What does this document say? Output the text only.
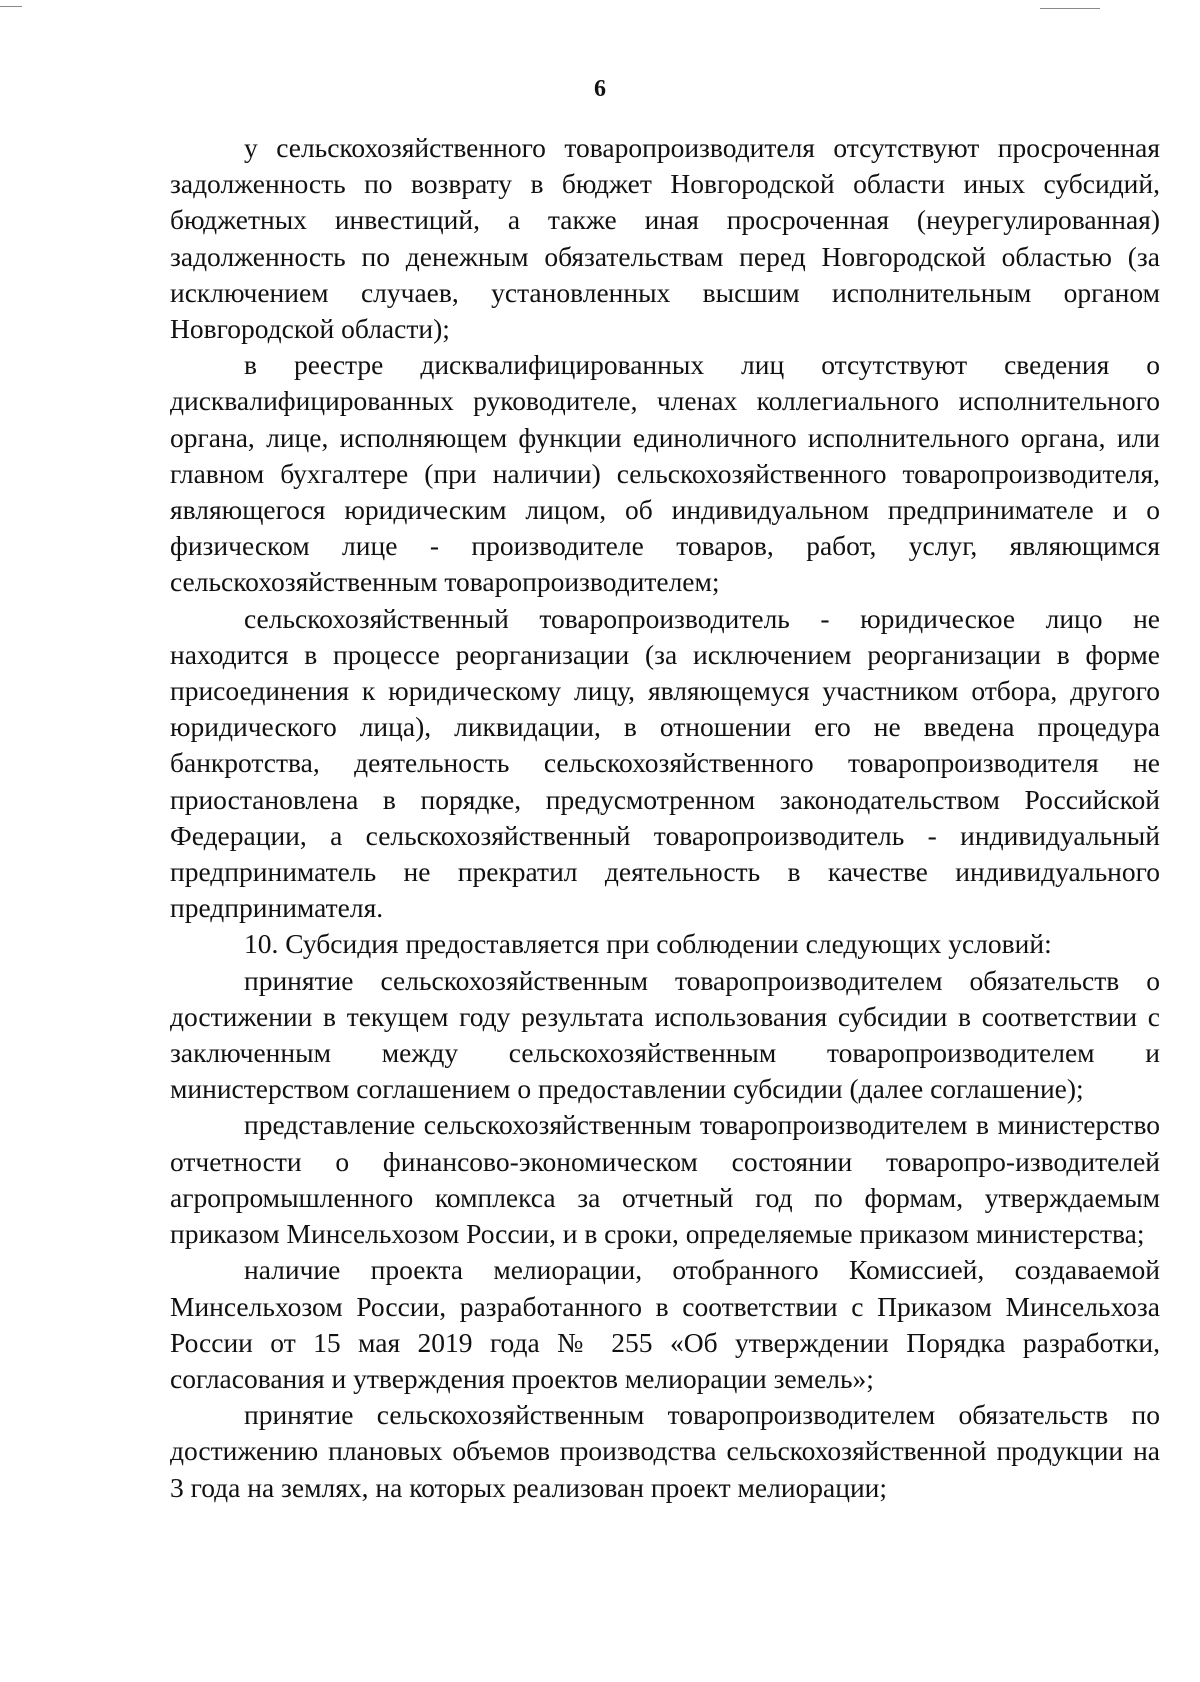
6

у сельскохозяйственного товаропроизводителя отсутствуют просроченная задолженность по возврату в бюджет Новгородской области иных субсидий, бюджетных инвестиций, а также иная просроченная (неурегулированная) задолженность по денежным обязательствам перед Новгородской областью (за исключением случаев, установленных высшим исполнительным органом Новгородской области);

в реестре дисквалифицированных лиц отсутствуют сведения о дисквалифицированных руководителе, членах коллегиального исполнительного органа, лице, исполняющем функции единоличного исполнительного органа, или главном бухгалтере (при наличии) сельскохозяйственного товаропроизводителя, являющегося юридическим лицом, об индивидуальном предпринимателе и о физическом лице - производителе товаров, работ, услуг, являющимся сельскохозяйственным товаропроизводителем;

сельскохозяйственный товаропроизводитель - юридическое лицо не находится в процессе реорганизации (за исключением реорганизации в форме присоединения к юридическому лицу, являющемуся участником отбора, другого юридического лица), ликвидации, в отношении его не введена процедура банкротства, деятельность сельскохозяйственного товаропроизводителя не приостановлена в порядке, предусмотренном законодательством Российской Федерации, а сельскохозяйственный товаропроизводитель - индивидуальный предприниматель не прекратил деятельность в качестве индивидуального предпринимателя.

10. Субсидия предоставляется при соблюдении следующих условий:

принятие сельскохозяйственным товаропроизводителем обязательств о достижении в текущем году результата использования субсидии в соответствии с заключенным между сельскохозяйственным товаропроизводителем и министерством соглашением о предоставлении субсидии (далее соглашение);

представление сельскохозяйственным товаропроизводителем в министерство отчетности о финансово-экономическом состоянии товаропро-изводителей агропромышленного комплекса за отчетный год по формам, утверждаемым приказом Минсельхозом России, и в сроки, определяемые приказом министерства;

наличие проекта мелиорации, отобранного Комиссией, создаваемой Минсельхозом России, разработанного в соответствии с Приказом Минсельхоза России от 15 мая 2019 года № 255 «Об утверждении Порядка разработки, согласования и утверждения проектов мелиорации земель»;

принятие сельскохозяйственным товаропроизводителем обязательств по достижению плановых объемов производства сельскохозяйственной продукции на 3 года на землях, на которых реализован проект мелиорации;
